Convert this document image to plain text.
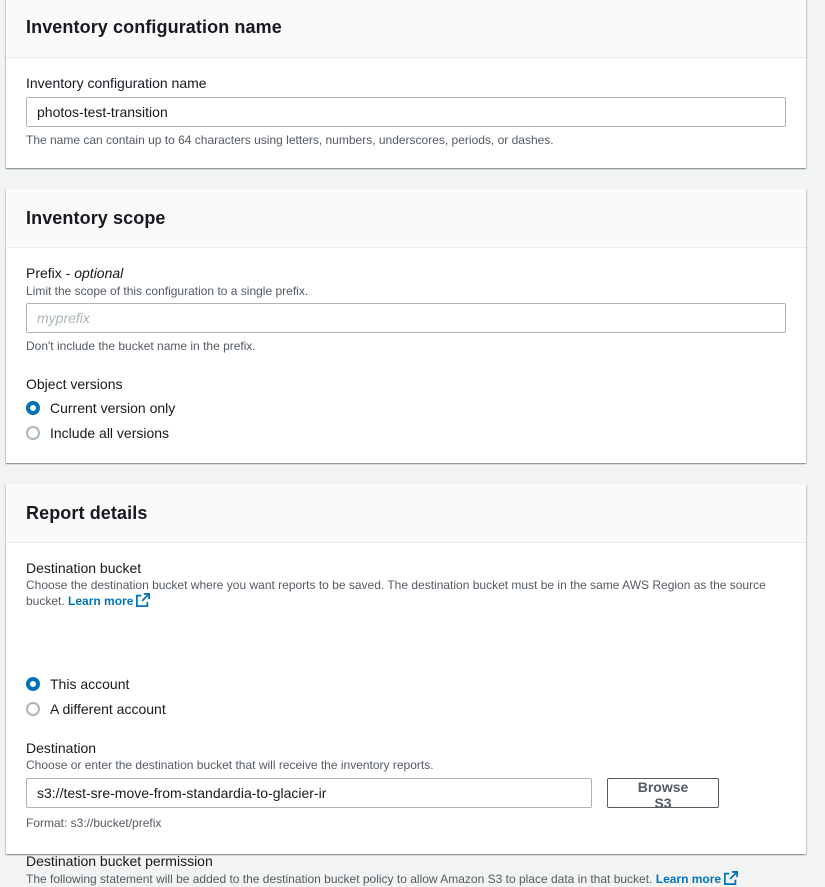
Inventory configuration name
Inventory configuration name
photos-test-transition
The name can contain up to 64 characters using letters, numbers, underscores, periods, or dashes.
Inventory scope
Prefix - optional
Limit the scope of this configuration to a single prefix.
myprefix
Don't include the bucket name in the prefix.
Object versions
Current version only
Include all versions
Report details
Destination bucket
Choose the destination bucket where you want reports to be saved. The destination bucket must be in the same AWS Region as the source bucket. Learn more
This account
A different account
Destination
Choose or enter the destination bucket that will receive the inventory reports.
s3://test-sre-move-from-standardia-to-glacier-ir
Browse S3
Format: s3://bucket/prefix
Destination bucket permission
The following statement will be added to the destination bucket policy to allow Amazon S3 to place data in that bucket. Learn more
